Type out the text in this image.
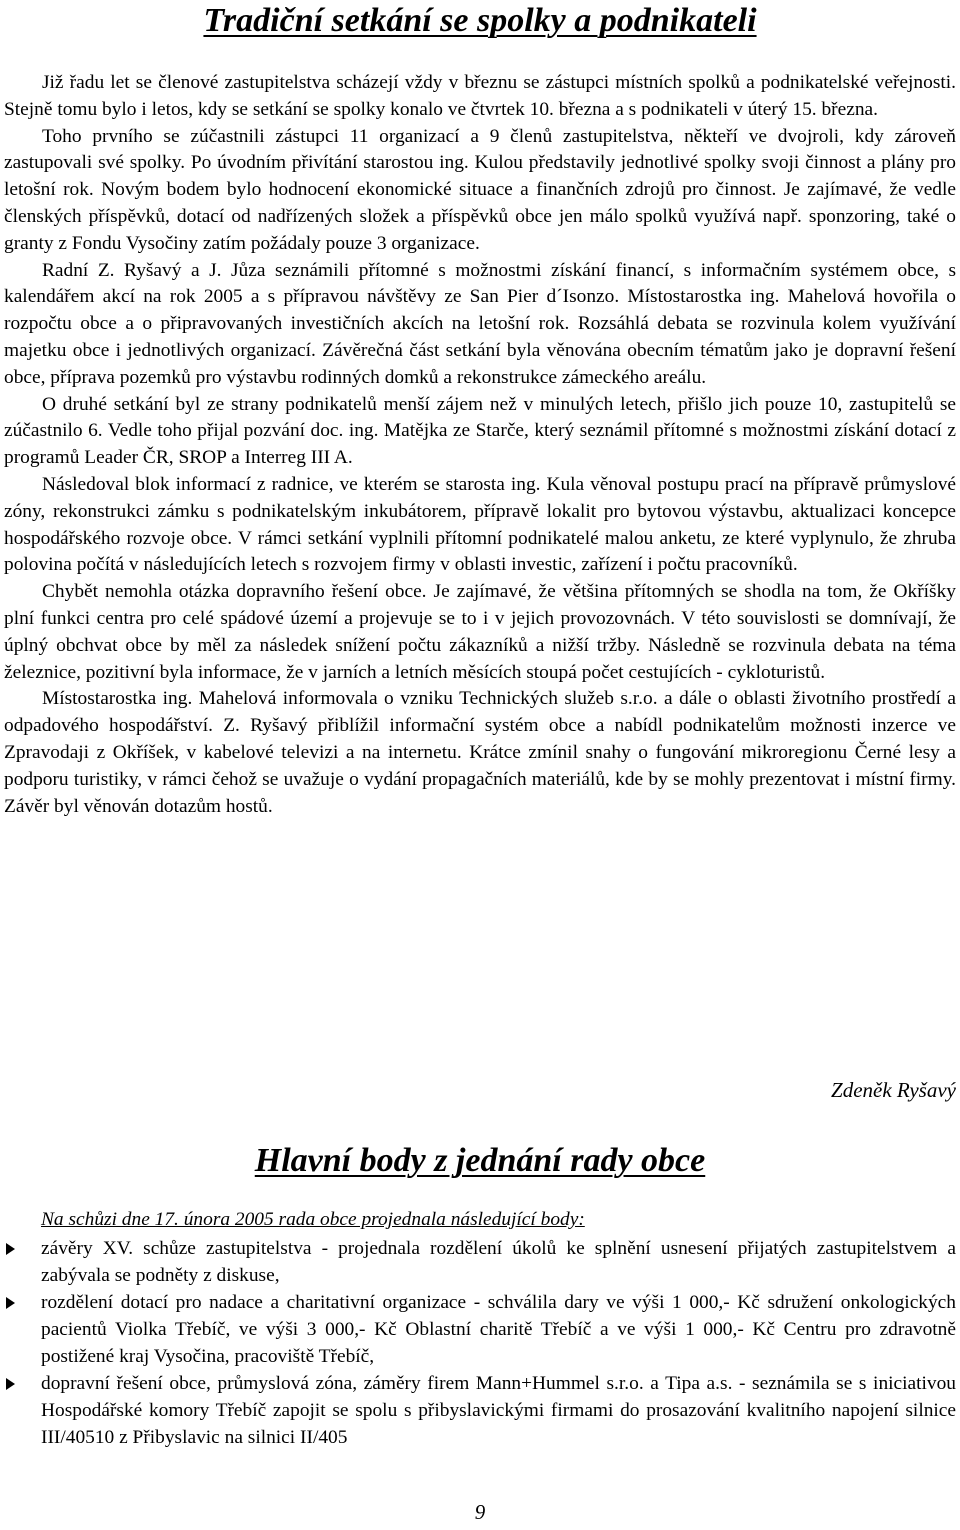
Tradiční setkání se spolky a podnikateli

Již řadu let se členové zastupitelstva scházejí vždy v březnu se zástupci místních spolků a podnikatelské veřejnosti. Stejně tomu bylo i letos, kdy se setkání se spolky konalo ve čtvrtek 10. března a s podnikateli v úterý 15. března.

Toho prvního se zúčastnili zástupci 11 organizací a 9 členů zastupitelstva, někteří ve dvojroli, kdy zároveň zastupovali své spolky. Po úvodním přivítání starostou ing. Kulou představily jednotlivé spolky svoji činnost a plány pro letošní rok. Novým bodem bylo hodnocení ekonomické situace a finančních zdrojů pro činnost. Je zajímavé, že vedle členských příspěvků, dotací od nadřízených složek a příspěvků obce jen málo spolků využívá např. sponzoring, také o granty z Fondu Vysočiny zatím požádaly pouze 3 organizace.

Radní Z. Ryšavý a J. Jůza seznámili přítomné s možnostmi získání financí, s informačním systémem obce, s kalendářem akcí na rok 2005 a s přípravou návštěvy ze San Pier d´Isonzo. Místostarostka ing. Mahelová hovořila o rozpočtu obce a o připravovaných investičních akcích na letošní rok. Rozsáhlá debata se rozvinula kolem využívání majetku obce i jednotlivých organizací. Závěrečná část setkání byla věnována obecním tématům jako je dopravní řešení obce, příprava pozemků pro výstavbu rodinných domků a rekonstrukce zámeckého areálu.

O druhé setkání byl ze strany podnikatelů menší zájem než v minulých letech, přišlo jich pouze 10, zastupitelů se zúčastnilo 6. Vedle toho přijal pozvání doc. ing. Matějka ze Starče, který seznámil přítomné s možnostmi získání dotací z programů Leader ČR, SROP a Interreg III A.

Následoval blok informací z radnice, ve kterém se starosta ing. Kula věnoval postupu prací na přípravě průmyslové zóny, rekonstrukci zámku s podnikatelským inkubátorem, přípravě lokalit pro bytovou výstavbu, aktualizaci koncepce hospodářského rozvoje obce. V rámci setkání vyplnili přítomní podnikatelé malou anketu, ze které vyplynulo, že zhruba polovina počítá v následujících letech s rozvojem firmy v oblasti investic, zařízení i počtu pracovníků.

Chybět nemohla otázka dopravního řešení obce. Je zajímavé, že většina přítomných se shodla na tom, že Okříšky plní funkci centra pro celé spádové území a projevuje se to i v jejich provozovnách. V této souvislosti se domnívají, že úplný obchvat obce by měl za následek snížení počtu zákazníků a nižší tržby. Následně se rozvinula debata na téma železnice, pozitivní byla informace, že v jarních a letních měsících stoupá počet cestujících - cykloturistů.

Místostarostka ing. Mahelová informovala o vzniku Technických služeb s.r.o. a dále o oblasti životního prostředí a odpadového hospodářství. Z. Ryšavý přiblížil informační systém obce a nabídl podnikatelům možnosti inzerce ve Zpravodaji z Okříšek, v kabelové televizi a na internetu. Krátce zmínil snahy o fungování mikroregionu Černé lesy a podporu turistiky, v rámci čehož se uvažuje o vydání propagačních materiálů, kde by se mohly prezentovat i místní firmy. Závěr byl věnován dotazům hostů.

Zdeněk Ryšavý
Hlavní body z jednání rady obce

Na schůzi dne 17. února 2005 rada obce projednala následující body:

závěry XV. schůze zastupitelstva - projednala rozdělení úkolů ke splnění usnesení přijatých zastupitelstvem a zabývala se podněty z diskuse,
rozdělení dotací pro nadace a charitativní organizace - schválila dary ve výši 1 000,- Kč sdružení onkologických pacientů Violka Třebíč, ve výši 3 000,- Kč Oblastní charitě Třebíč a ve výši 1 000,- Kč Centru pro zdravotně postižené kraj Vysočina, pracoviště Třebíč,
dopravní řešení obce, průmyslová zóna, záměry firem Mann+Hummel s.r.o. a Tipa a.s. - seznámila se s iniciativou Hospodářské komory Třebíč zapojit se spolu s přibyslavickými firmami do prosazování kvalitního napojení silnice III/40510 z Přibyslavic na silnici II/405
9
